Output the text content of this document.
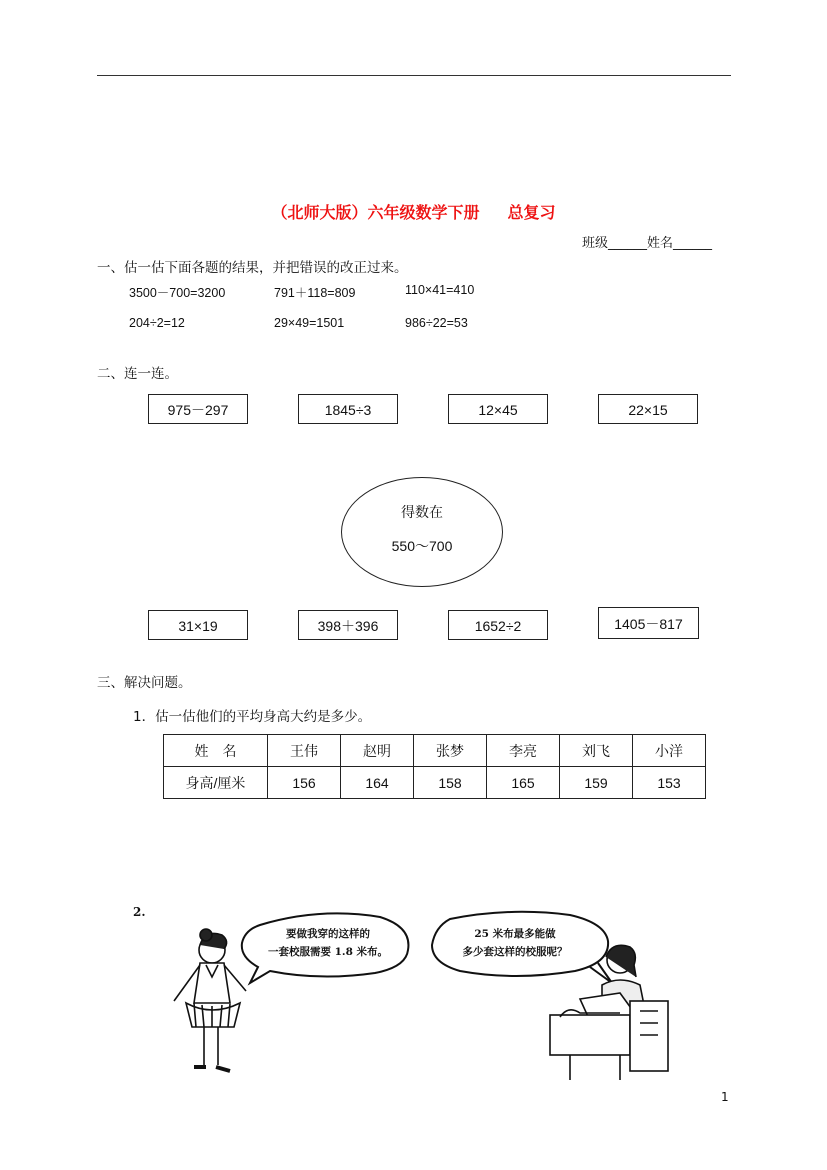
（北师大版）六年级数学下册 总复习
班级______姓名______
一、估一估下面各题的结果，并把错误的改正过来。
3500－700=3200	791＋118=809	110×41=410
204÷2=12	29×49=1501	986÷22=53
二、连一连。
975－297	1845÷3	12×45	22×15
得数在
550～700
31×19	398＋396	1652÷2	1405－817
三、解决问题。
1．估一估他们的平均身高大约是多少。
姓　名	王伟	赵明	张梦	李亮	刘飞	小洋
身高/厘米	156	164	158	165	159	153
2.
要做我穿的这样的
一套校服需要 1.8 米布。
25 米布最多能做
多少套这样的校服呢？
1
